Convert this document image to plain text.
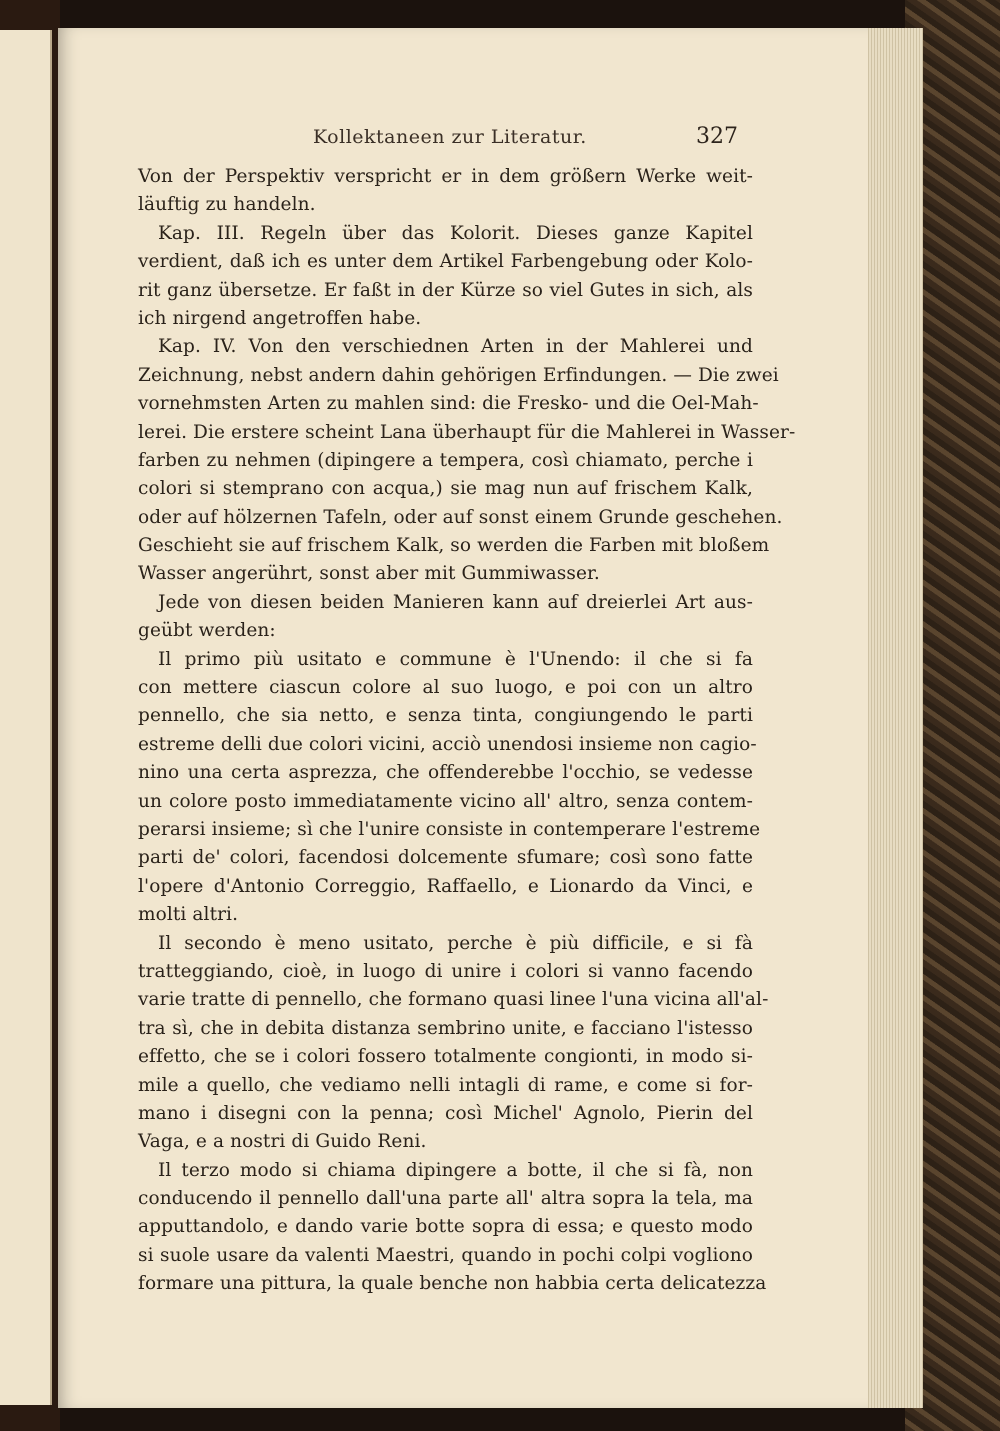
Kollektaneen zur Literatur.	327
Von der Perspektiv verspricht er in dem größern Werke weit-
läuftig zu handeln.
Kap. III. Regeln über das Kolorit. Dieses ganze Kapitel
verdient, daß ich es unter dem Artikel Farbengebung oder Kolo-
rit ganz übersetze. Er faßt in der Kürze so viel Gutes in sich, als
ich nirgend angetroffen habe.
Kap. IV. Von den verschiednen Arten in der Mahlerei und
Zeichnung, nebst andern dahin gehörigen Erfindungen. — Die zwei
vornehmsten Arten zu mahlen sind: die Fresko- und die Oel-Mah-
lerei. Die erstere scheint Lana überhaupt für die Mahlerei in Wasser-
farben zu nehmen (dipingere a tempera, così chiamato, perche i
colori si stemprano con acqua,) sie mag nun auf frischem Kalk,
oder auf hölzernen Tafeln, oder auf sonst einem Grunde geschehen.
Geschieht sie auf frischem Kalk, so werden die Farben mit bloßem
Wasser angerührt, sonst aber mit Gummiwasser.
Jede von diesen beiden Manieren kann auf dreierlei Art aus-
geübt werden:
Il primo più usitato e commune è l'Unendo: il che si fa
con mettere ciascun colore al suo luogo, e poi con un altro
pennello, che sia netto, e senza tinta, congiungendo le parti
estreme delli due colori vicini, acciò unendosi insieme non cagio-
nino una certa asprezza, che offenderebbe l'occhio, se vedesse
un colore posto immediatamente vicino all' altro, senza contem-
perarsi insieme; sì che l'unire consiste in contemperare l'estreme
parti de' colori, facendosi dolcemente sfumare; così sono fatte
l'opere d'Antonio Correggio, Raffaello, e Lionardo da Vinci, e
molti altri.
Il secondo è meno usitato, perche è più difficile, e si fà
tratteggiando, cioè, in luogo di unire i colori si vanno facendo
varie tratte di pennello, che formano quasi linee l'una vicina all'al-
tra sì, che in debita distanza sembrino unite, e facciano l'istesso
effetto, che se i colori fossero totalmente congionti, in modo si-
mile a quello, che vediamo nelli intagli di rame, e come si for-
mano i disegni con la penna; così Michel' Agnolo, Pierin del
Vaga, e a nostri di Guido Reni.
Il terzo modo si chiama dipingere a botte, il che si fà, non
conducendo il pennello dall'una parte all' altra sopra la tela, ma
apputtandolo, e dando varie botte sopra di essa; e questo modo
si suole usare da valenti Maestri, quando in pochi colpi vogliono
formare una pittura, la quale benche non habbia certa delicatezza
